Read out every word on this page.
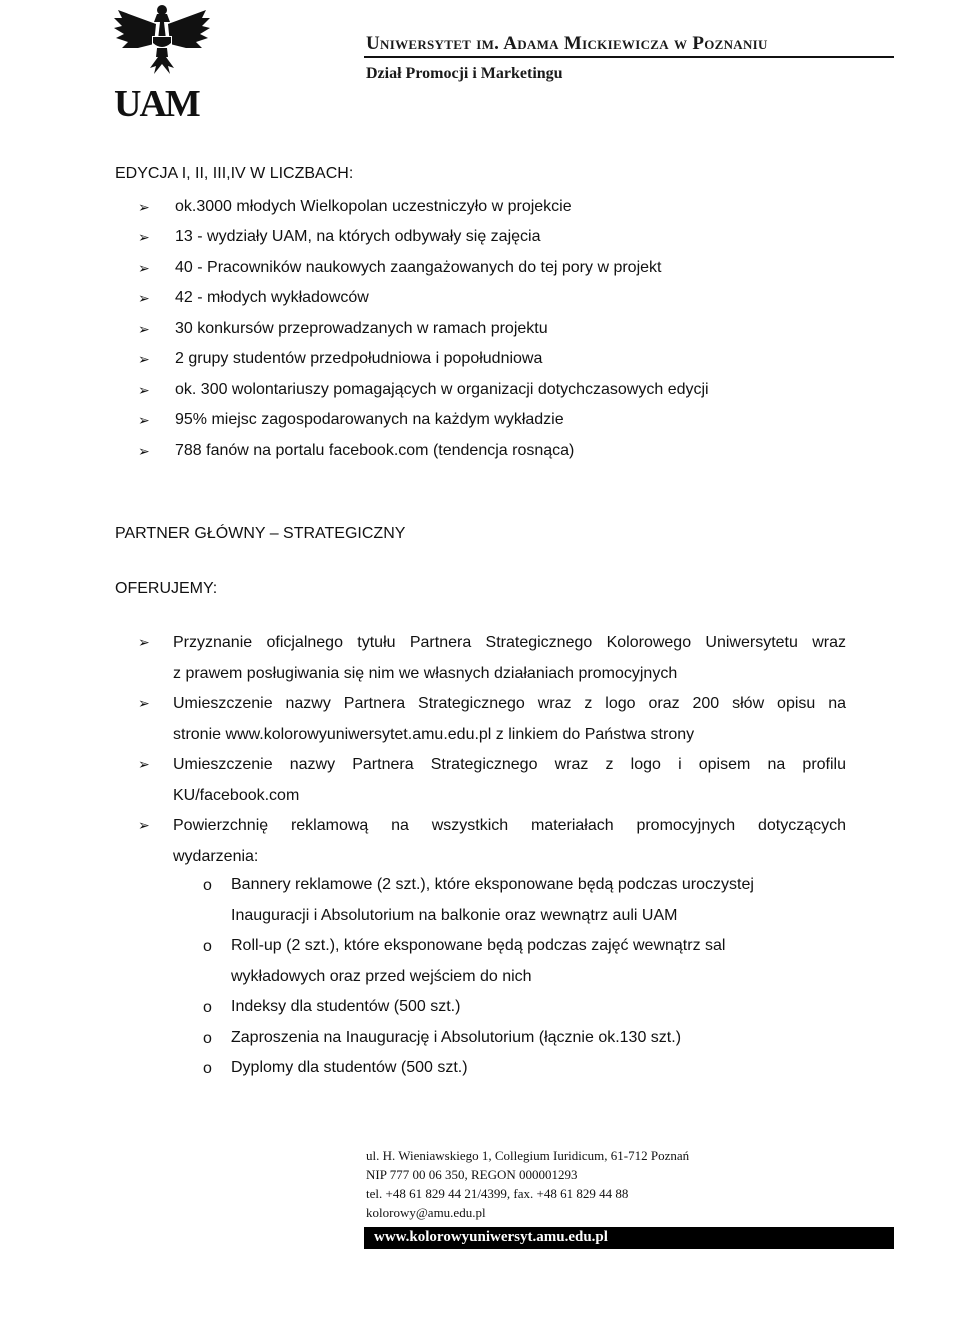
UAM
Uniwersytet im. Adama Mickiewicza w Poznaniu
Dział Promocji i Marketingu
EDYCJA I, II, III,IV W LICZBACH:
➢ ok.3000 młodych Wielkopolan uczestniczyło w projekcie
➢ 13 - wydziały UAM, na których odbywały się zajęcia
➢ 40 - Pracowników naukowych zaangażowanych do tej pory w projekt
➢ 42 - młodych wykładowców
➢ 30 konkursów przeprowadzanych w ramach projektu
➢ 2 grupy studentów przedpołudniowa i popołudniowa
➢ ok. 300 wolontariuszy pomagających w organizacji dotychczasowych edycji
➢ 95% miejsc zagospodarowanych na każdym wykładzie
➢ 788 fanów na portalu facebook.com (tendencja rosnąca)
PARTNER GŁÓWNY – STRATEGICZNY
OFERUJEMY:
➢ Przyznanie oficjalnego tytułu Partnera Strategicznego Kolorowego Uniwersytetu wraz
z prawem posługiwania się nim we własnych działaniach promocyjnych
➢ Umieszczenie nazwy Partnera Strategicznego wraz z logo oraz 200 słów opisu na
stronie www.kolorowyuniwersytet.amu.edu.pl z linkiem do Państwa strony
➢ Umieszczenie nazwy Partnera Strategicznego wraz z logo i opisem na profilu
KU/facebook.com
➢ Powierzchnię reklamową na wszystkich materiałach promocyjnych dotyczących
wydarzenia:
o Bannery reklamowe (2 szt.), które eksponowane będą podczas uroczystej
Inauguracji i Absolutorium na balkonie oraz wewnątrz auli UAM
o Roll-up (2 szt.), które eksponowane będą podczas zajęć wewnątrz sal
wykładowych oraz przed wejściem do nich
o Indeksy dla studentów (500 szt.)
o Zaproszenia na Inaugurację i Absolutorium (łącznie ok.130 szt.)
o Dyplomy dla studentów (500 szt.)
ul. H. Wieniawskiego 1, Collegium Iuridicum, 61-712 Poznań
NIP 777 00 06 350, REGON 000001293
tel. +48 61 829 44 21/4399, fax. +48 61 829 44 88
kolorowy@amu.edu.pl
www.kolorowyuniwersyt.amu.edu.pl
